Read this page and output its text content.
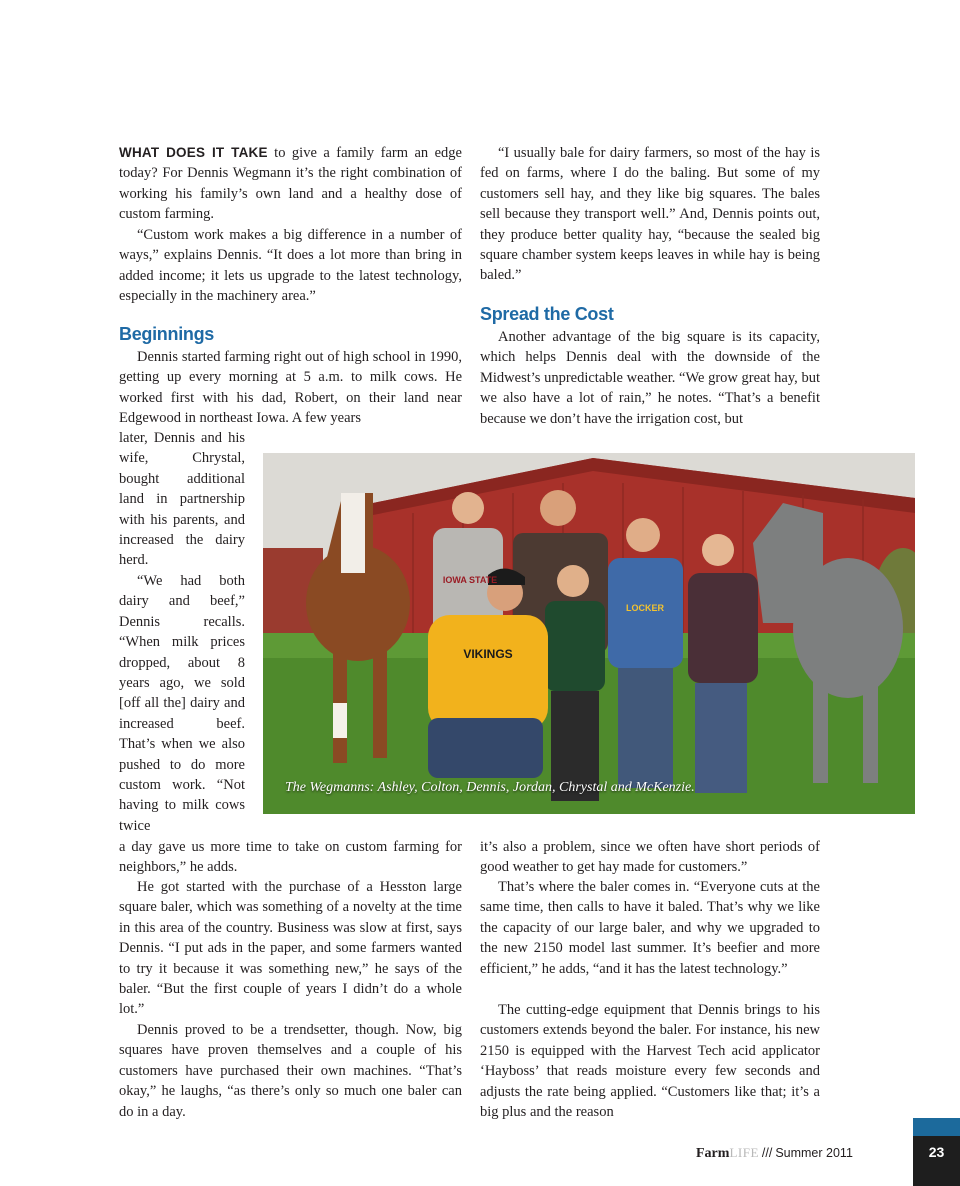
WHAT DOES IT TAKE to give a family farm an edge today? For Dennis Wegmann it’s the right combination of working his family’s own land and a healthy dose of custom farming.

“Custom work makes a big difference in a number of ways,” explains Dennis. “It does a lot more than bring in added income; it lets us upgrade to the latest technology, especially in the machinery area.”

Beginnings

Dennis started farming right out of high school in 1990, getting up every morning at 5 a.m. to milk cows. He worked first with his dad, Robert, on their land near Edgewood in northeast Iowa. A few years

later, Dennis and his wife, Chrystal, bought additional land in partnership with his parents, and increased the dairy herd.

“We had both dairy and beef,” Dennis recalls. “When milk prices dropped, about 8 years ago, we sold [off all the] dairy and increased beef. That’s when we also pushed to do more custom work. “Not having to milk cows twice

a day gave us more time to take on custom farming for neighbors,” he adds.

He got started with the purchase of a Hesston large square baler, which was something of a novelty at the time in this area of the country. Business was slow at first, says Dennis. “I put ads in the paper, and some farmers wanted to try it because it was something new,” he says of the baler. “But the first couple of years I didn’t do a whole lot.”

Dennis proved to be a trendsetter, though. Now, big squares have proven themselves and a couple of his customers have purchased their own machines. “That’s okay,” he laughs, “as there’s only so much one baler can do in a day.

“I usually bale for dairy farmers, so most of the hay is fed on farms, where I do the baling. But some of my customers sell hay, and they like big squares. The bales sell because they transport well.” And, Dennis points out, they produce better quality hay, “because the sealed big square chamber system keeps leaves in while hay is being baled.”

Spread the Cost

Another advantage of the big square is its capacity, which helps Dennis deal with the downside of the Midwest’s unpredictable weather. “We grow great hay, but we also have a lot of rain,” he notes. “That’s a benefit because we don’t have the irrigation cost, but

it’s also a problem, since we often have short periods of good weather to get hay made for customers.”

That’s where the baler comes in. “Everyone cuts at the same time, then calls to have it baled. That’s why we like the capacity of our large baler, and why we upgraded to the new 2150 model last summer. It’s beefier and more efficient,” he adds, “and it has the latest technology.”

The cutting-edge equipment that Dennis brings to his customers extends beyond the baler. For instance, his new 2150 is equipped with the Harvest Tech acid applicator ‘Hayboss’ that reads moisture every few seconds and adjusts the rate being applied. “Customers like that; it’s a big plus and the reason

IOWA STATE
VIKINGS
LOCKER

The Wegmanns: Ashley, Colton, Dennis, Jordan, Chrystal and McKenzie.

FarmLIFE /// Summer 2011	23
